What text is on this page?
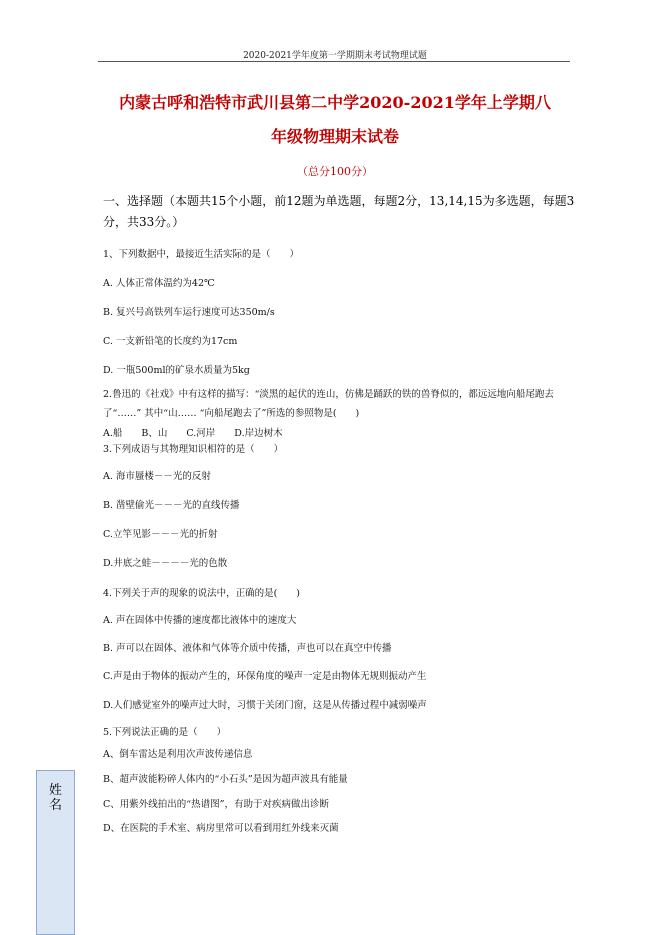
2020-2021学年度第一学期期末考试物理试题
内蒙古呼和浩特市武川县第二中学2020-2021学年上学期八
年级物理期末试卷
（总分100分）
一、选择题（本题共15个小题，前12题为单选题，每题2分，13,14,15为多选题，每题3分，共33分。）
1、下列数据中，最接近生活实际的是（　　）
A. 人体正常体温约为42℃
B. 复兴号高铁列车运行速度可达350m/s
C. 一支新铅笔的长度约为17cm
D. 一瓶500ml的矿泉水质量为5kg
2.鲁迅的《社戏》中有这样的描写：“淡黑的起伏的连山，仿佛是踊跃的铁的兽脊似的，都远远地向船尾跑去了“……” 其中“山…… “向船尾跑去了”所选的参照物是(　　)
A.船　　B、山　　C.河岸　　D.岸边树木
3.下列成语与其物理知识相符的是（　　）
A. 海市蜃楼－－光的反射
B. 凿壁偷光－－－光的直线传播
C.立竿见影－－－光的折射
D.井底之蛙－－－－光的色散
4.下列关于声的现象的说法中，正确的是(　　)
A. 声在固体中传播的速度都比液体中的速度大
B. 声可以在固体、液体和气体等介质中传播，声也可以在真空中传播
C.声是由于物体的振动产生的，环保角度的噪声一定是由物体无规则振动产生
D.人们感觉室外的噪声过大时，习惯于关闭门窗，这是从传播过程中减弱噪声
5.下列说法正确的是（　　）
A、倒车雷达是利用次声波传递信息
B、超声波能粉碎人体内的“小石头”是因为超声波具有能量
C、用紫外线拍出的“热谱图”，有助于对疾病做出诊断
D、在医院的手术室、病房里常可以看到用红外线来灭菌
姓名
